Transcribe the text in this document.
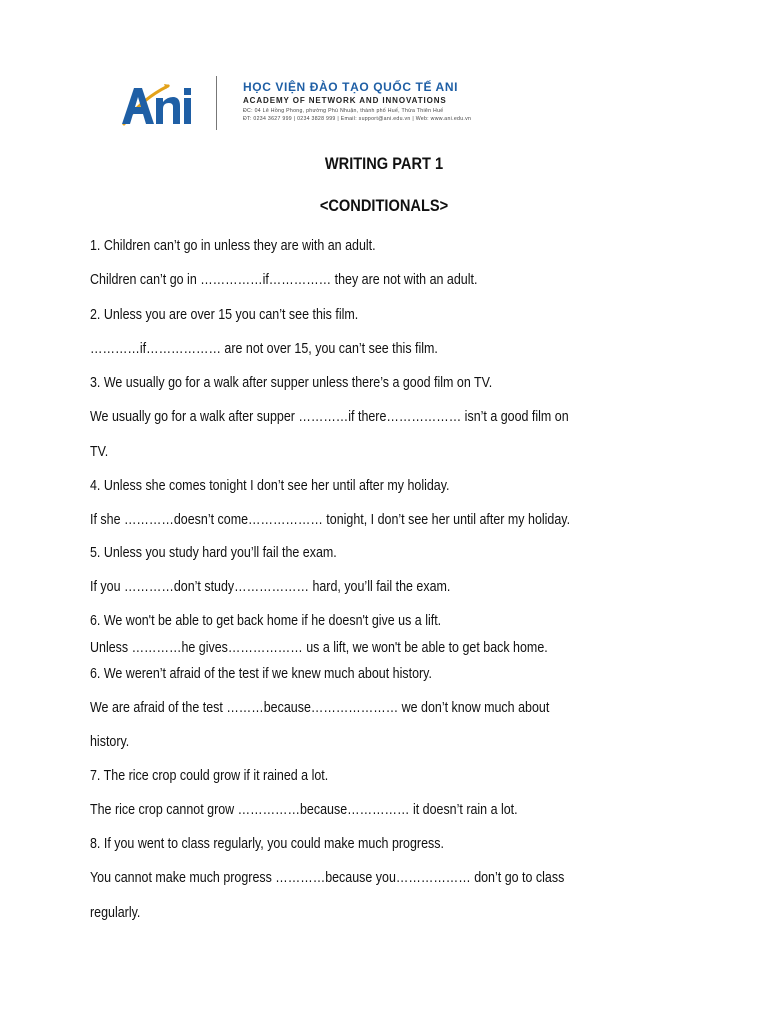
HỌC VIỆN ĐÀO TẠO QUỐC TẾ ANI
ACADEMY OF NETWORK AND INNOVATIONS
ĐC: 04 Lê Hồng Phong, phường Phú Nhuận, thành phố Huế, Thừa Thiên Huế
ĐT: 0234 3627 999 | 0234 3828 999 | Email: support@ani.edu.vn | Web: www.ani.edu.vn
WRITING PART 1
<CONDITIONALS>
1. Children can’t go in unless they are with an adult.
Children can’t go in ……………if…………… they are not with an adult.
2. Unless you are over 15 you can’t see this film.
…………if……………… are not over 15, you can’t see this film.
3. We usually go for a walk after supper unless there’s a good film on TV.
We usually go for a walk after supper …………if there……………… isn’t a good film on
TV.
4. Unless she comes tonight I don’t see her until after my holiday.
If she …………doesn’t come……………… tonight, I don’t see her until after my holiday.
5. Unless you study hard you’ll fail the exam.
If you …………don’t study……………… hard, you’ll fail the exam.
6. We won't be able to get back home if he doesn't give us a lift.
Unless …………he gives……………… us a lift, we won't be able to get back home.
6. We weren’t afraid of the test if we knew much about history.
We are afraid of the test ………because………………… we don’t know much about
history.
7. The rice crop could grow if it rained a lot.
The rice crop cannot grow ……………because…………… it doesn’t rain a lot.
8. If you went to class regularly, you could make much progress.
You cannot make much progress …………because you……………… don’t go to class
regularly.
